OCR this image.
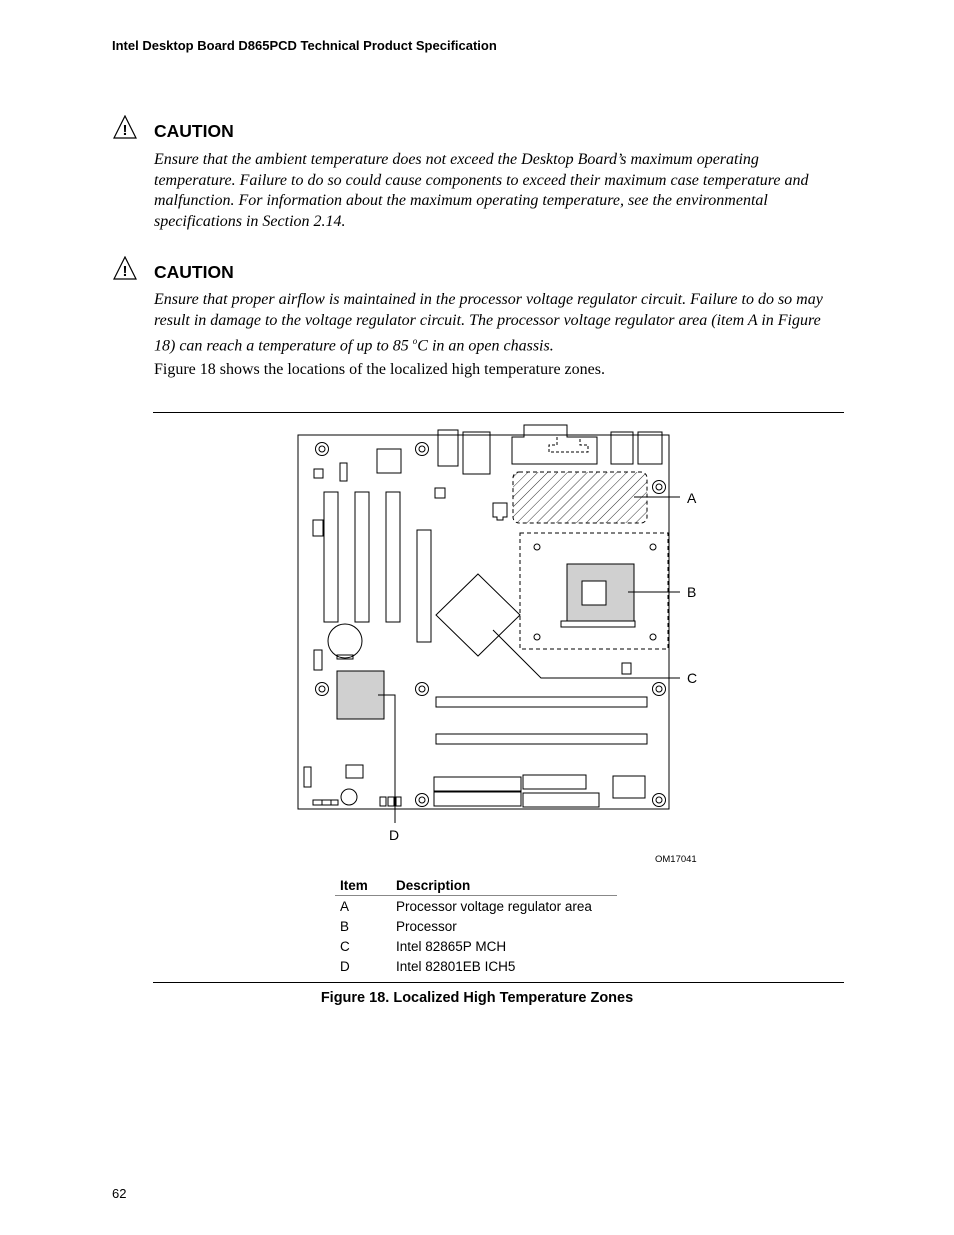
Intel Desktop Board D865PCD Technical Product Specification
! CAUTION
Ensure that the ambient temperature does not exceed the Desktop Board’s maximum operating temperature. Failure to do so could cause components to exceed their maximum case temperature and malfunction. For information about the maximum operating temperature, see the environmental specifications in Section 2.14.
! CAUTION
Ensure that proper airflow is maintained in the processor voltage regulator circuit. Failure to do so may result in damage to the voltage regulator circuit. The processor voltage regulator area (item A in Figure 18) can reach a temperature of up to 85 $^o$C in an open chassis.
Figure 18 shows the locations of the localized high temperature zones.
A
B
C
D
OM17041
Item	Description
A	Processor voltage regulator area
B	Processor
C	Intel 82865P MCH
D	Intel 82801EB ICH5
Figure 18. Localized High Temperature Zones
62
